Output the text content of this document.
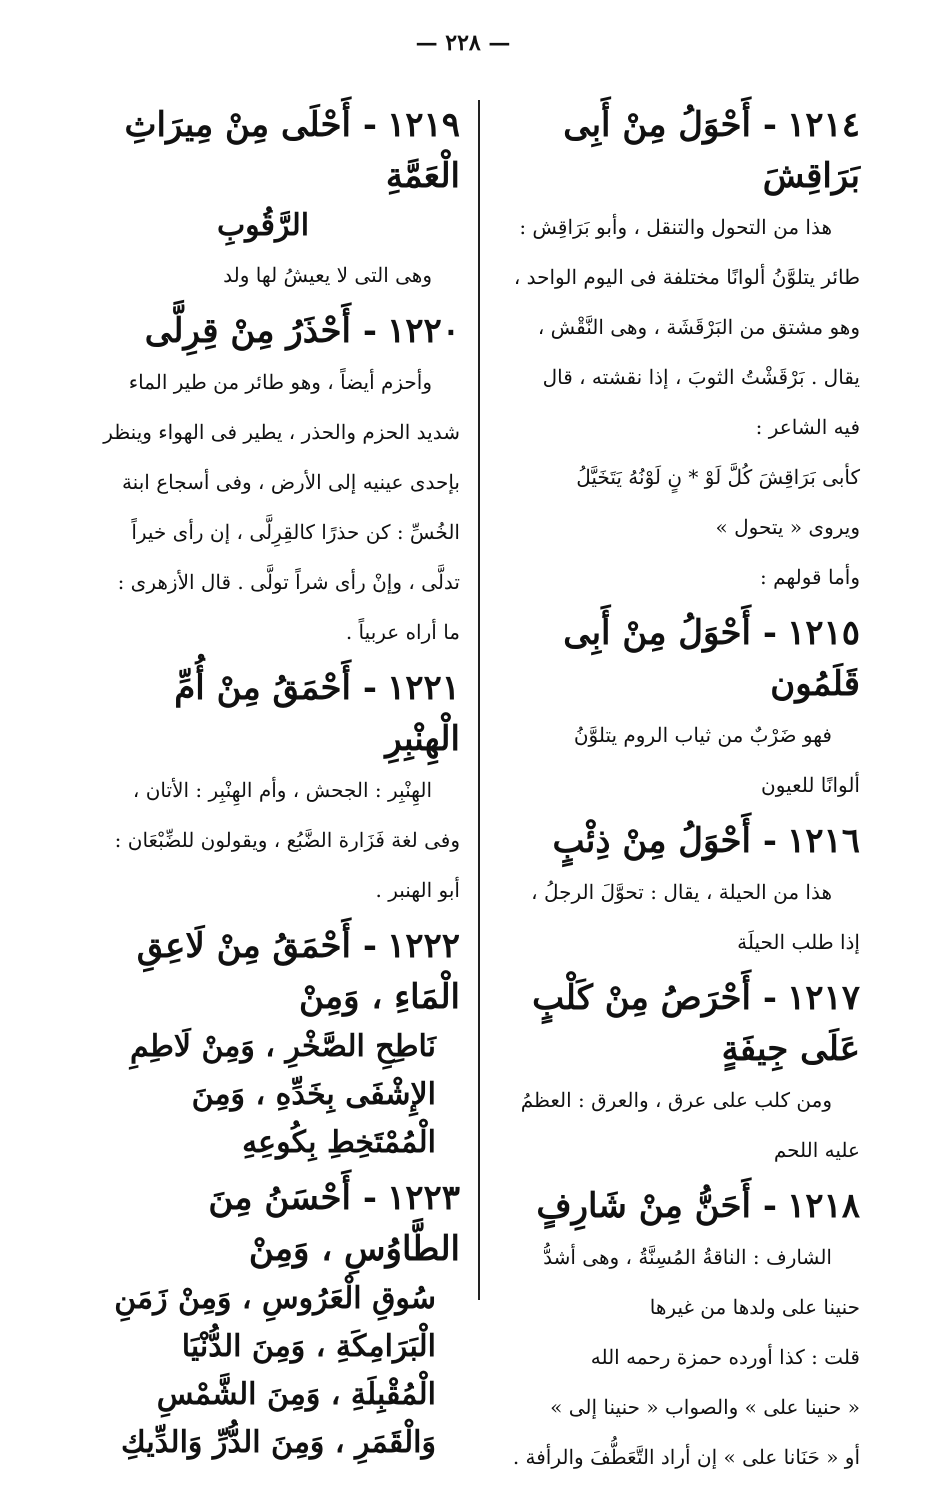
— ٢٢٨ —

١٢١٤- أَحْوَلُ مِنْ أَبِى بَرَاقِشَ

هذا من التحول والتنقل ، وأبو بَرَاقِش :

طائر يتلوَّنُ ألوانًا مختلفة فى اليوم الواحد ،

وهو مشتق من البَرْقَشَة ، وهى النَّقْش ،

يقال . بَرْقَشْتُ الثوبَ ، إذا نقشته ، قال

فيه الشاعر :

كأبى بَرَاقِشَ كُلَّ لَوْ * نٍ لَوْنُهُ يَتَخَيَّلُ

ويروى « يتحول »

وأما قولهم :

١٢١٥- أَحْوَلُ مِنْ أَبِى قَلَمُون

فهو ضَرْبٌ من ثياب الروم يتلوَّنُ

ألوانًا للعيون

١٢١٦- أَحْوَلُ مِنْ ذِئْبٍ

هذا من الحيلة ، يقال : تحوَّلَ الرجلُ ،

إذا طلب الحيلَة

١٢١٧- أَحْرَصُ مِنْ كَلْبٍ عَلَى جِيفَةٍ

ومن كلب على عرق ، والعرق : العظمُ

عليه اللحم

١٢١٨- أَحَنُّ مِنْ شَارِفٍ

الشارف : الناقةُ المُسِنَّةُ ، وهى أشدُّ

حنينا على ولدها من غيرها

قلت : كذا أورده حمزة رحمه الله

« حنينا على » والصواب « حنينا إلى »

أو « حَنَانا على » إن أراد التَّعَطُّفَ والرأفة .

١٢١٩- أَحْلَى مِنْ مِيرَاثِ الْعَمَّةِ

الرَّقُوبِ

وهى التى لا يعيشُ لها ولد

١٢٢٠- أَحْذَرُ مِنْ قِرِلَّى

وأحزم أيضاً ، وهو طائر من طير الماء

شديد الحزم والحذر ، يطير فى الهواء وينظر

بإحدى عينيه إلى الأرض ، وفى أسجاع ابنة

الخُسِّ : كن حذرًا كالقِرِلَّى ، إن رأى خيراً

تدلَّى ، وإنْ رأى شراً تولَّى . قال الأزهرى :

ما أراه عربياً .

١٢٢١- أَحْمَقُ مِنْ أُمِّ الْهِنْبِرِ

الهِنْبِر : الجحش ، وأم الهِنْبِر : الأتان ،

وفى لغة فَزَارة الضَّبُع ، ويقولون للضِّبْعَان :

أبو الهنبر .

١٢٢٢- أَحْمَقُ مِنْ لَاعِقِ الْمَاءِ ، وَمِنْ

نَاطِحِ الصَّخْرِ ، وَمِنْ لَاطِمِ

الإِشْفَى بِخَدِّهِ ، وَمِنَ

الْمُمْتَخِطِ بِكُوعِهِ

١٢٢٣- أَحْسَنُ مِنَ الطَّاوُسِ ، وَمِنْ

سُوقِ الْعَرُوسِ ، وَمِنْ زَمَنِ

الْبَرَامِكَةِ ، وَمِنَ الدُّنْيَا

الْمُقْبِلَةِ ، وَمِنَ الشَّمْسِ

وَالْقَمَرِ ، وَمِنَ الدُّرِّ وَالدِّيكِ
